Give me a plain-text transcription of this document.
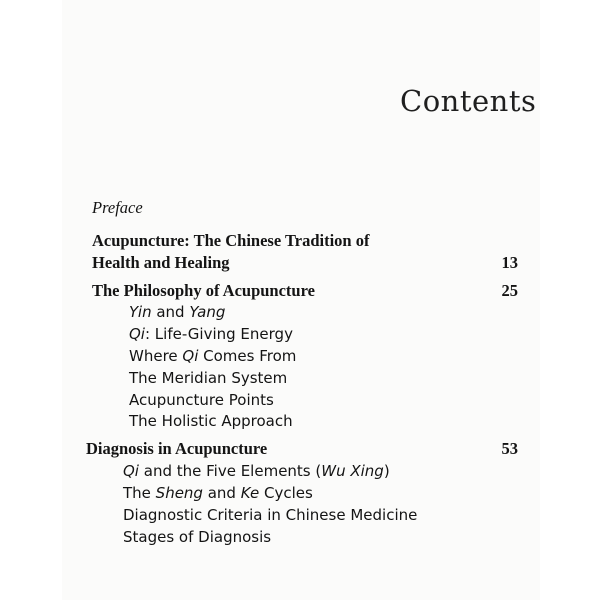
Contents
Preface
Acupuncture: The Chinese Tradition of
Health and Healing	13
The Philosophy of Acupuncture	25
Yin and Yang
Qi: Life-Giving Energy
Where Qi Comes From
The Meridian System
Acupuncture Points
The Holistic Approach
Diagnosis in Acupuncture	53
Qi and the Five Elements (Wu Xing)
The Sheng and Ke Cycles
Diagnostic Criteria in Chinese Medicine
Stages of Diagnosis
